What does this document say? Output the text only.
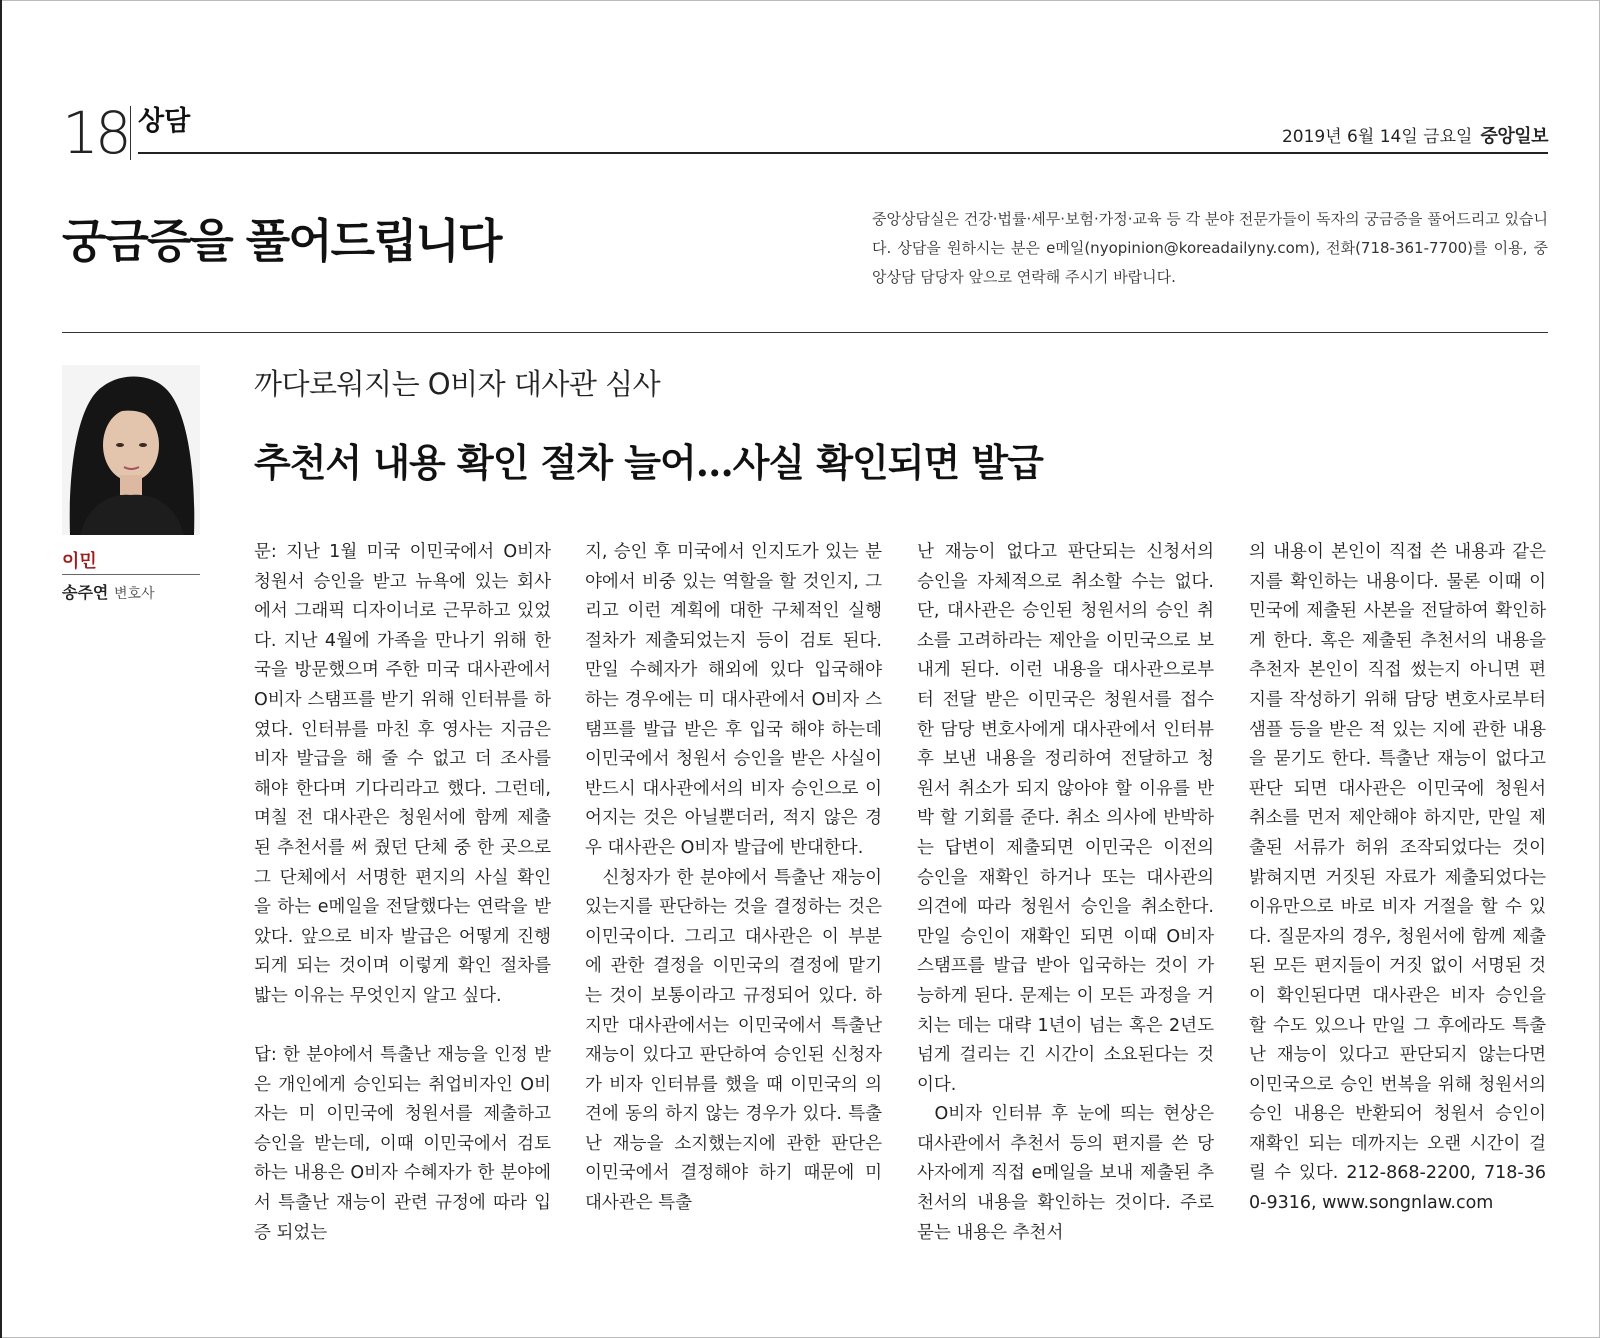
18 상담	2019년 6월 14일 금요일 중앙일보
궁금증을 풀어드립니다	중앙상담실은 건강·법률·세무·보험·가정·교육 등 각 분야 전문가들이 독자의 궁금증을 풀어드리고 있습니다. 상담을 원하시는 분은 e메일(nyopinion@koreadailyny.com), 전화(718-361-7700)를 이용, 중앙상담 담당자 앞으로 연락해 주시기 바랍니다.
이민
송주연 변호사
까다로워지는 O비자 대사관 심사
추천서 내용 확인 절차 늘어…사실 확인되면 발급

문: 지난 1월 미국 이민국에서 O비자 청원서 승인을 받고 뉴욕에 있는 회사에서 그래픽 디자이너로 근무하고 있었다. 지난 4월에 가족을 만나기 위해 한국을 방문했으며 주한 미국 대사관에서 O비자 스탬프를 받기 위해 인터뷰를 하였다. 인터뷰를 마친 후 영사는 지금은 비자 발급을 해 줄 수 없고 더 조사를 해야 한다며 기다리라고 했다. 그런데, 며칠 전 대사관은 청원서에 함께 제출된 추천서를 써 줬던 단체 중 한 곳으로 그 단체에서 서명한 편지의 사실 확인을 하는 e메일을 전달했다는 연락을 받았다. 앞으로 비자 발급은 어떻게 진행되게 되는 것이며 이렇게 확인 절차를 밟는 이유는 무엇인지 알고 싶다.

답: 한 분야에서 특출난 재능을 인정 받은 개인에게 승인되는 취업비자인 O비자는 미 이민국에 청원서를 제출하고 승인을 받는데, 이때 이민국에서 검토하는 내용은 O비자 수혜자가 한 분야에서 특출난 재능이 관련 규정에 따라 입증 되었는

지, 승인 후 미국에서 인지도가 있는 분야에서 비중 있는 역할을 할 것인지, 그리고 이런 계획에 대한 구체적인 실행 절차가 제출되었는지 등이 검토 된다. 만일 수혜자가 해외에 있다 입국해야 하는 경우에는 미 대사관에서 O비자 스탬프를 발급 받은 후 입국 해야 하는데 이민국에서 청원서 승인을 받은 사실이 반드시 대사관에서의 비자 승인으로 이어지는 것은 아닐뿐더러, 적지 않은 경우 대사관은 O비자 발급에 반대한다.

신청자가 한 분야에서 특출난 재능이 있는지를 판단하는 것을 결정하는 것은 이민국이다. 그리고 대사관은 이 부분에 관한 결정을 이민국의 결정에 맡기는 것이 보통이라고 규정되어 있다. 하지만 대사관에서는 이민국에서 특출난 재능이 있다고 판단하여 승인된 신청자가 비자 인터뷰를 했을 때 이민국의 의견에 동의 하지 않는 경우가 있다. 특출난 재능을 소지했는지에 관한 판단은 이민국에서 결정해야 하기 때문에 미 대사관은 특출

난 재능이 없다고 판단되는 신청서의 승인을 자체적으로 취소할 수는 없다. 단, 대사관은 승인된 청원서의 승인 취소를 고려하라는 제안을 이민국으로 보내게 된다. 이런 내용을 대사관으로부터 전달 받은 이민국은 청원서를 접수한 담당 변호사에게 대사관에서 인터뷰 후 보낸 내용을 정리하여 전달하고 청원서 취소가 되지 않아야 할 이유를 반박 할 기회를 준다. 취소 의사에 반박하는 답변이 제출되면 이민국은 이전의 승인을 재확인 하거나 또는 대사관의 의견에 따라 청원서 승인을 취소한다. 만일 승인이 재확인 되면 이때 O비자 스탬프를 발급 받아 입국하는 것이 가능하게 된다. 문제는 이 모든 과정을 거치는 데는 대략 1년이 넘는 혹은 2년도 넘게 걸리는 긴 시간이 소요된다는 것이다.

O비자 인터뷰 후 눈에 띄는 현상은 대사관에서 추천서 등의 편지를 쓴 당사자에게 직접 e메일을 보내 제출된 추천서의 내용을 확인하는 것이다. 주로 묻는 내용은 추천서

의 내용이 본인이 직접 쓴 내용과 같은 지를 확인하는 내용이다. 물론 이때 이민국에 제출된 사본을 전달하여 확인하게 한다. 혹은 제출된 추천서의 내용을 추천자 본인이 직접 썼는지 아니면 편지를 작성하기 위해 담당 변호사로부터 샘플 등을 받은 적 있는 지에 관한 내용을 묻기도 한다. 특출난 재능이 없다고 판단 되면 대사관은 이민국에 청원서 취소를 먼저 제안해야 하지만, 만일 제출된 서류가 허위 조작되었다는 것이 밝혀지면 거짓된 자료가 제출되었다는 이유만으로 바로 비자 거절을 할 수 있다. 질문자의 경우, 청원서에 함께 제출된 모든 편지들이 거짓 없이 서명된 것이 확인된다면 대사관은 비자 승인을 할 수도 있으나 만일 그 후에라도 특출난 재능이 있다고 판단되지 않는다면 이민국으로 승인 번복을 위해 청원서의 승인 내용은 반환되어 청원서 승인이 재확인 되는 데까지는 오랜 시간이 걸릴 수 있다. 212-868-2200, 718-360-9316, www.songnlaw.com
